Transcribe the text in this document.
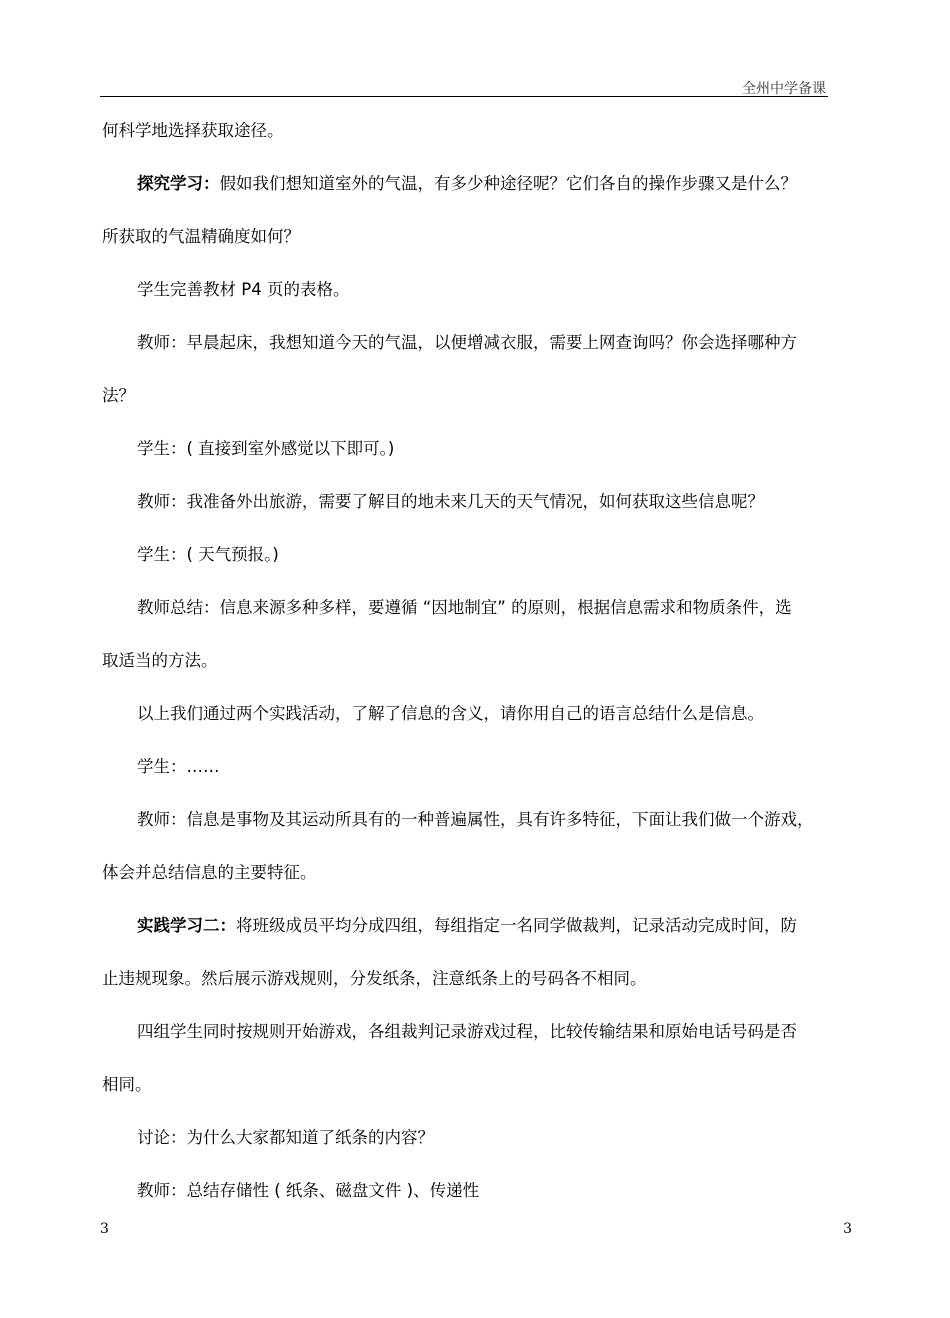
全州中学备课

何科学地选择获取途径。

探究学习：假如我们想知道室外的气温，有多少种途径呢？它们各自的操作步骤又是什么？

所获取的气温精确度如何？

学生完善教材 P4 页的表格。

教师：早晨起床，我想知道今天的气温，以便增减衣服，需要上网查询吗？你会选择哪种方

法？

学生：( 直接到室外感觉以下即可。)

教师：我准备外出旅游，需要了解目的地未来几天的天气情况，如何获取这些信息呢？

学生：( 天气预报。)

教师总结：信息来源多种多样，要遵循 “因地制宜” 的原则，根据信息需求和物质条件，选

取适当的方法。

以上我们通过两个实践活动，了解了信息的含义，请你用自己的语言总结什么是信息。

学生：……

教师：信息是事物及其运动所具有的一种普遍属性，具有许多特征，下面让我们做一个游戏，

体会并总结信息的主要特征。

实践学习二：将班级成员平均分成四组，每组指定一名同学做裁判，记录活动完成时间，防

止违规现象。然后展示游戏规则，分发纸条，注意纸条上的号码各不相同。

四组学生同时按规则开始游戏，各组裁判记录游戏过程，比较传输结果和原始电话号码是否

相同。

讨论：为什么大家都知道了纸条的内容？

教师：总结存储性 ( 纸条、磁盘文件 )、传递性

3	3
